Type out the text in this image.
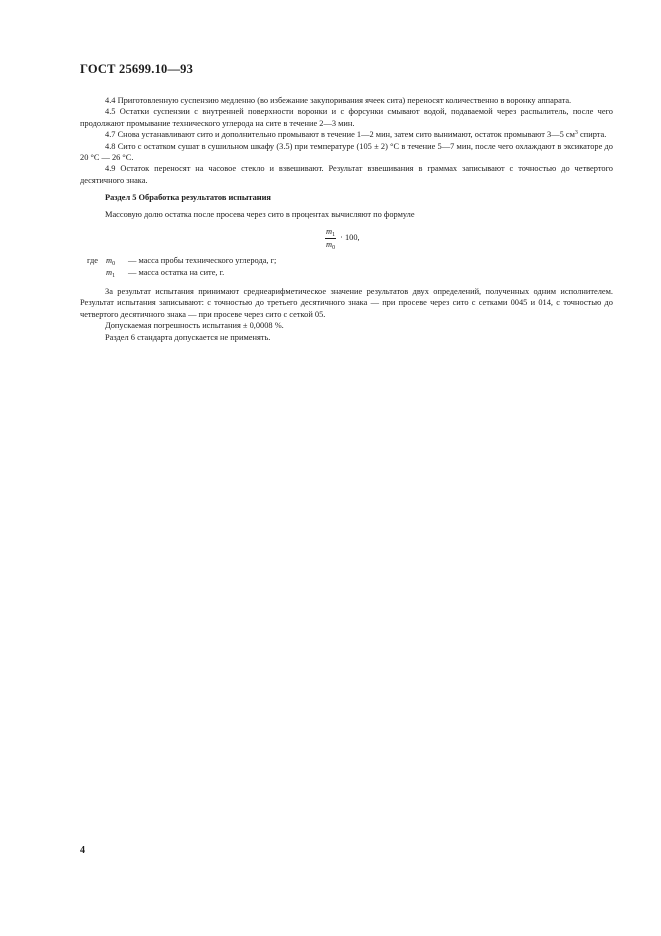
ГОСТ 25699.10—93

4.4 Приготовленную суспензию медленно (во избежание закупоривания ячеек сита) переносят количественно в воронку аппарата.

4.5 Остатки суспензии с внутренней поверхности воронки и с форсунки смывают водой, подаваемой через распылитель, после чего продолжают промывание технического углерода на сите в течение 2—3 мин.

4.7 Снова устанавливают сито и дополнительно промывают в течение 1—2 мин, затем сито вынимают, остаток промывают 3—5 $см^3$ спирта.

4.8 Сито с остатком сушат в сушильном шкафу (3.5) при температуре (105 ± 2) °С в течение 5—7 мин, после чего охлаждают в эксикаторе до 20 °С — 26 °С.

4.9 Остаток переносят на часовое стекло и взвешивают. Результат взвешивания в граммах записывают с точностью до четвертого десятичного знака.

Раздел 5 Обработка результатов испытания

Массовую долю остатка после просева через сито в процентах вычисляют по формуле

$\frac{m_1}{m_0} \cdot 100$,
где $m_0$	— масса пробы технического углерода, г;
$m_1$	— масса остатка на сите, г.

За результат испытания принимают среднеарифметическое значение результатов двух определений, полученных одним исполнителем. Результат испытания записывают: с точностью до третьего десятичного знака — при просеве через сито с сетками 0045 и 014, с точностью до четвертого десятичного знака — при просеве через сито с сеткой 05.

Допускаемая погрешность испытания ± 0,0008 %.

Раздел 6 стандарта допускается не применять.

4
